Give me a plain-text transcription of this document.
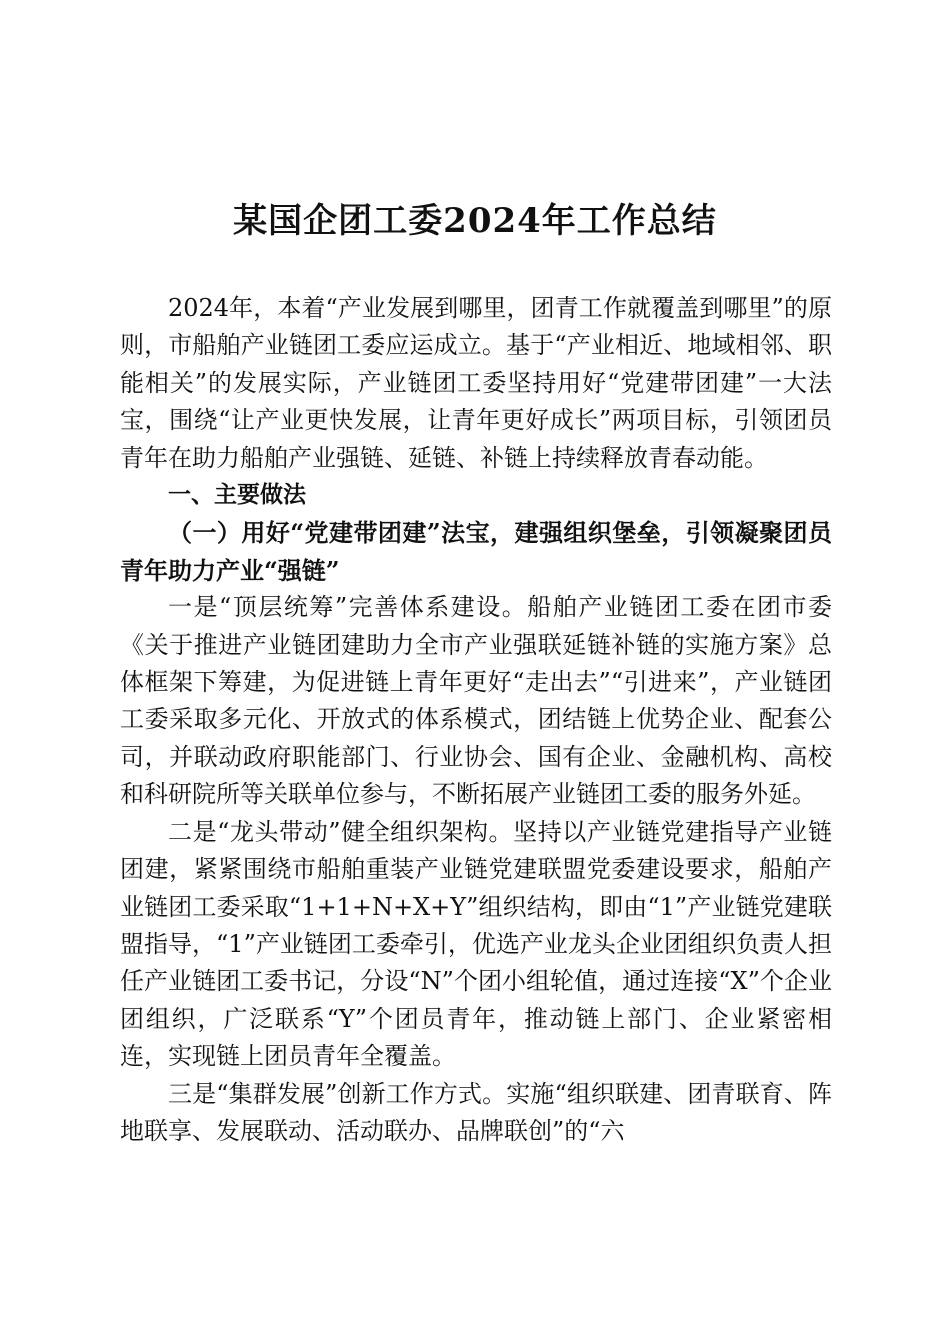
某国企团工委2024年工作总结

2024年，本着“产业发展到哪里，团青工作就覆盖到哪里”的原则，市船舶产业链团工委应运成立。基于“产业相近、地域相邻、职能相关”的发展实际，产业链团工委坚持用好“党建带团建”一大法宝，围绕“让产业更快发展，让青年更好成长”两项目标，引领团员青年在助力船舶产业强链、延链、补链上持续释放青春动能。

一、主要做法

（一）用好“党建带团建”法宝，建强组织堡垒，引领凝聚团员青年助力产业“强链”

一是“顶层统筹”完善体系建设。船舶产业链团工委在团市委《关于推进产业链团建助力全市产业强联延链补链的实施方案》总体框架下筹建，为促进链上青年更好“走出去”“引进来”，产业链团工委采取多元化、开放式的体系模式，团结链上优势企业、配套公司，并联动政府职能部门、行业协会、国有企业、金融机构、高校和科研院所等关联单位参与，不断拓展产业链团工委的服务外延。

二是“龙头带动”健全组织架构。坚持以产业链党建指导产业链团建，紧紧围绕市船舶重装产业链党建联盟党委建设要求，船舶产业链团工委采取“1+1+N+X+Y”组织结构，即由“1”产业链党建联盟指导，“1”产业链团工委牵引，优选产业龙头企业团组织负责人担任产业链团工委书记，分设“N”个团小组轮值，通过连接“X”个企业团组织，广泛联系“Y”个团员青年，推动链上部门、企业紧密相连，实现链上团员青年全覆盖。

三是“集群发展”创新工作方式。实施“组织联建、团青联育、阵地联享、发展联动、活动联办、品牌联创”的“六
